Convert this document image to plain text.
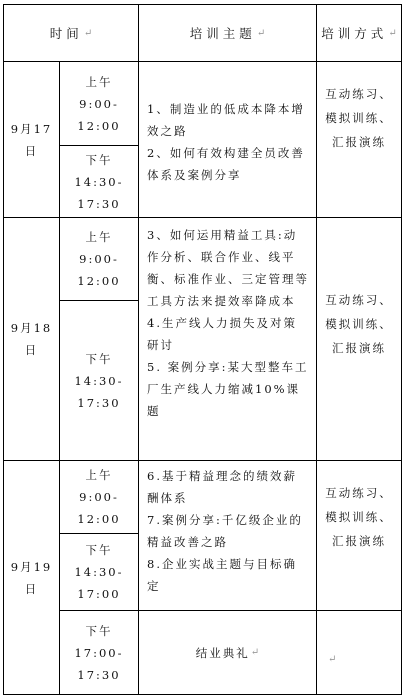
时间 ↵	培训主题 ↵	培训方式 ↵
9月17日

上午

9:00-

12:00

下午

14:30-

17:30

1、制造业的低成本降本增效之路

2、如何有效构建全员改善体系及案例分享

互动练习、模拟训练、汇报演练
9月18日

上午

9:00-

12:00

下午

14:30-

17:30

3、如何运用精益工具:动作分析、联合作业、线平衡、标准作业、三定管理等工具方法来提效率降成本

4.生产线人力损失及对策研讨

5. 案例分享:某大型整车工厂生产线人力缩减10%课题

互动练习、模拟训练、汇报演练
9月19日

上午

9:00-

12:00

下午

14:30-

17:00

下午

17:00-

17:30

6.基于精益理念的绩效薪酬体系

7.案例分享:千亿级企业的精益改善之路

8.企业实战主题与目标确定

结业典礼 ↵
互动练习、模拟训练、汇报演练
↵
